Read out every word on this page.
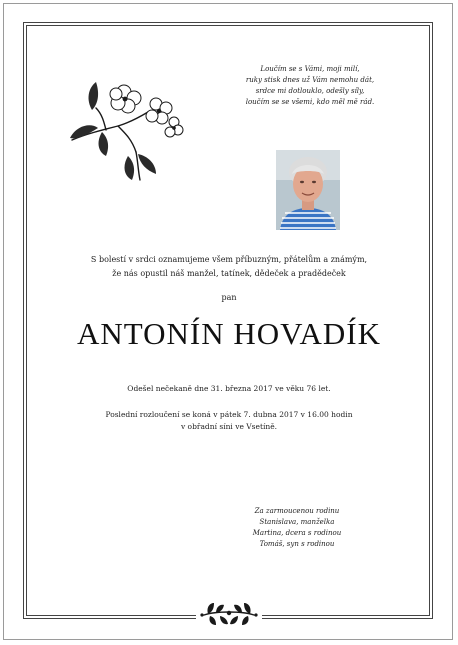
Loučím se s Vámi, moji milí,
ruky stisk dnes už Vám nemohu dát,
srdce mi dotlouklo, odešly síly,
loučím se se všemi, kdo měl mě rád.
S bolestí v srdci oznamujeme všem příbuzným, přátelům a známým,
že nás opustil náš manžel, tatínek, dědeček a pradědeček
pan
ANTONÍN HOVADÍK
Odešel nečekaně dne 31. března 2017 ve věku 76 let.
Poslední rozloučení se koná v pátek 7. dubna 2017 v 16.00 hodin
v obřadní síni ve Vsetíně.
Za zarmoucenou rodinu
Stanislava, manželka
Martina, dcera s rodinou
Tomáš, syn s rodinou
